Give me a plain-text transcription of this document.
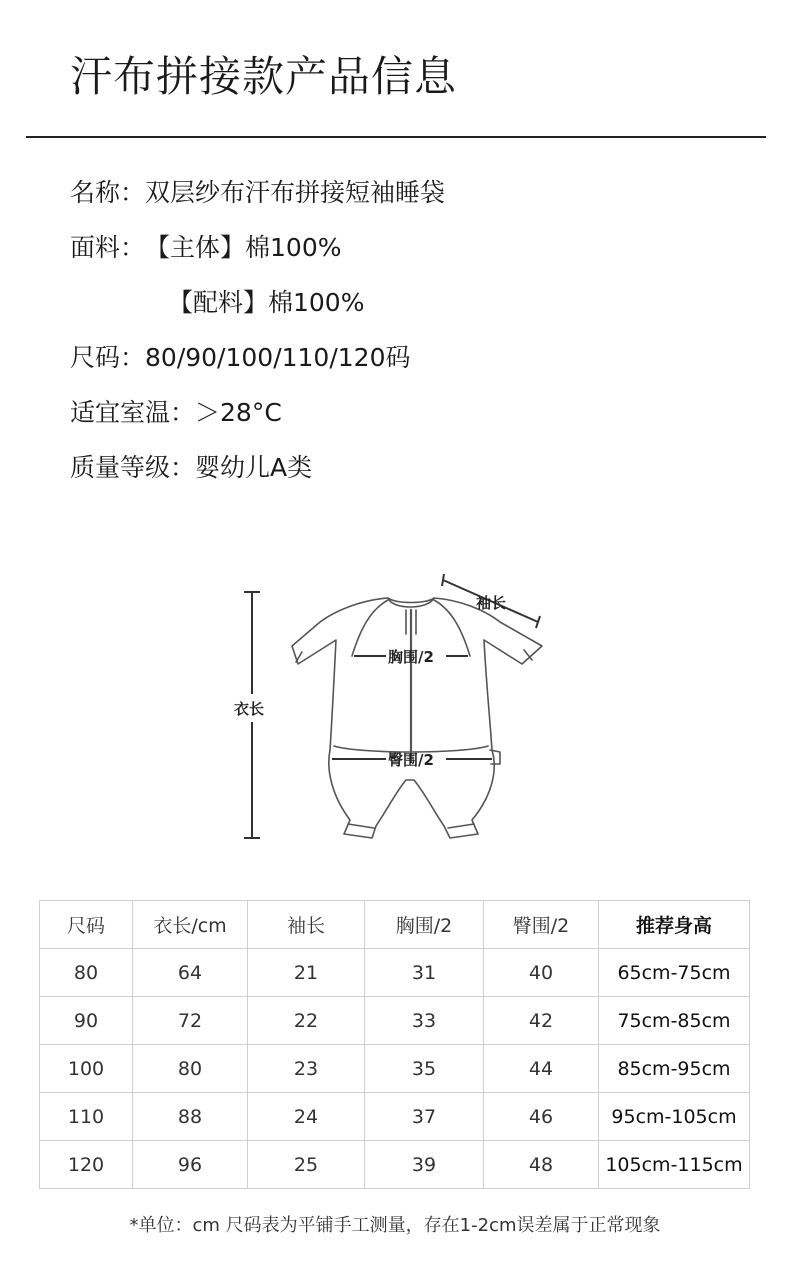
汗布拼接款产品信息
名称：双层纱布汗布拼接短袖睡袋
面料：【主体】棉100%
【配料】棉100%
尺码：80/90/100/110/120码
适宜室温：＞28°C
质量等级：婴幼儿A类
袖长
胸围/2
衣长
臀围/2
尺码	衣长/cm	袖长	胸围/2	臀围/2	推荐身高
80	64	21	31	40	65cm-75cm
90	72	22	33	42	75cm-85cm
100	80	23	35	44	85cm-95cm
110	88	24	37	46	95cm-105cm
120	96	25	39	48	105cm-115cm
*单位：cm 尺码表为平铺手工测量，存在1-2cm误差属于正常现象
